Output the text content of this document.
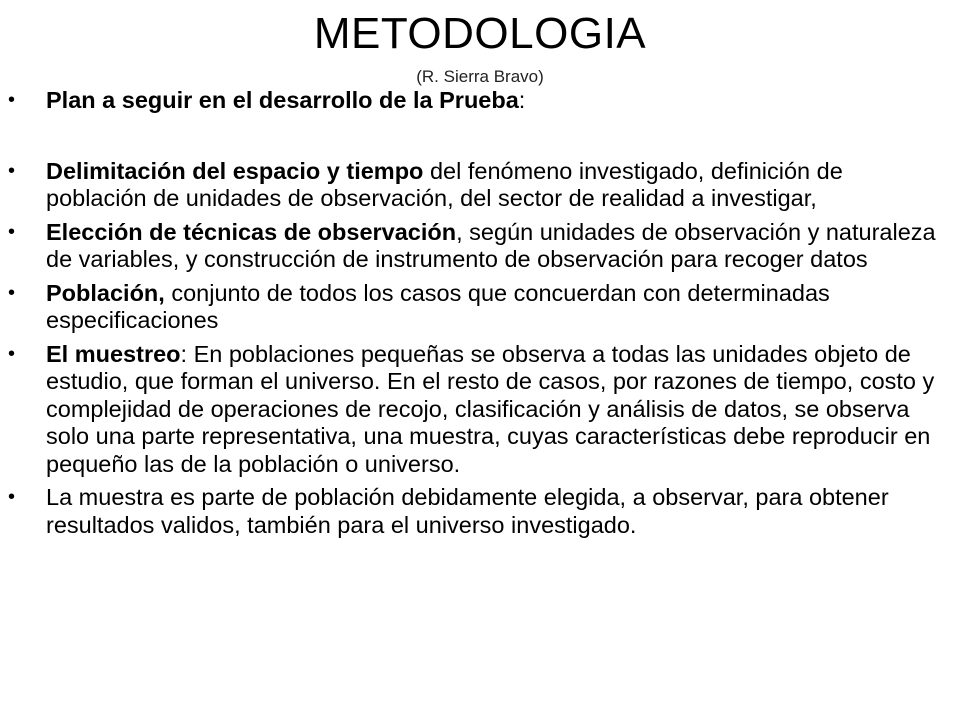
METODOLOGIA
(R. Sierra Bravo)
• Plan a seguir en el desarrollo de la Prueba:
• Delimitación del espacio y tiempo del fenómeno investigado, definición de población de unidades de observación, del sector de realidad a investigar,
• Elección de técnicas de observación, según unidades de observación y naturaleza de variables, y construcción de instrumento de observación para recoger datos
• Población, conjunto de todos los casos que concuerdan con determinadas especificaciones
• El muestreo: En poblaciones pequeñas se observa a todas las unidades objeto de estudio, que forman el universo. En el resto de casos, por razones de tiempo, costo y complejidad de operaciones de recojo, clasificación y análisis de datos, se observa solo una parte representativa, una muestra, cuyas características debe reproducir en pequeño las de la población o universo.
• La muestra es parte de población debidamente elegida, a observar, para obtener resultados validos, también para el universo investigado.
